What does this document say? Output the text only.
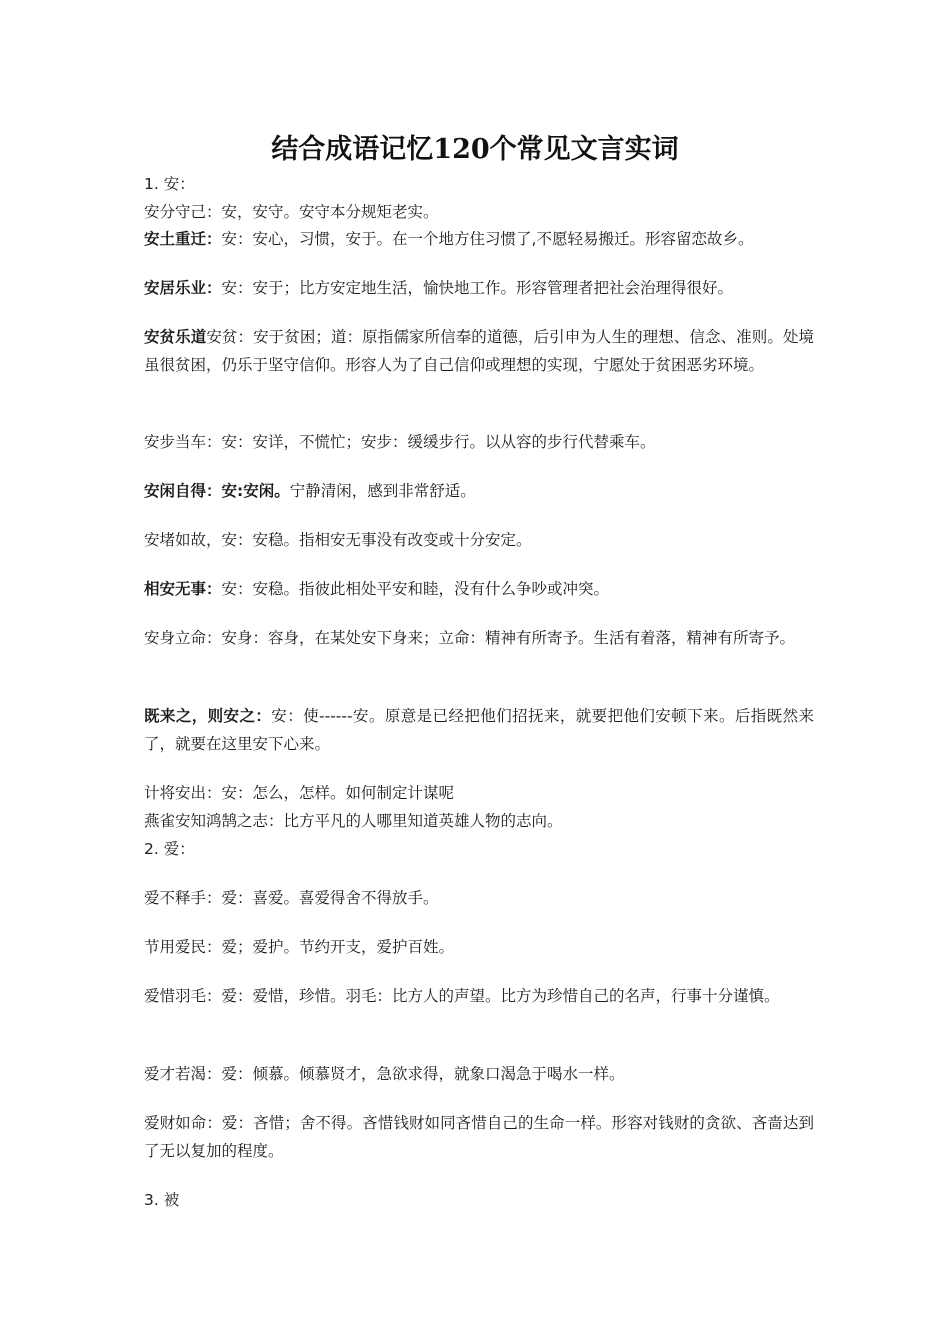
结合成语记忆120个常见文言实词

1. 安：

安分守己：安，安守。安守本分规矩老实。

安土重迁：安：安心，习惯，安于。在一个地方住习惯了,不愿轻易搬迁。形容留恋故乡。

安居乐业：安：安于；比方安定地生活，愉快地工作。形容管理者把社会治理得很好。

安贫乐道安贫：安于贫困；道：原指儒家所信奉的道德，后引申为人生的理想、信念、准则。处境虽很贫困，仍乐于坚守信仰。形容人为了自己信仰或理想的实现，宁愿处于贫困恶劣环境。

安步当车：安：安详，不慌忙；安步：缓缓步行。以从容的步行代替乘车。

安闲自得：安:安闲。宁静清闲，感到非常舒适。

安堵如故，安：安稳。指相安无事没有改变或十分安定。

相安无事：安：安稳。指彼此相处平安和睦，没有什么争吵或冲突。

安身立命：安身：容身，在某处安下身来；立命：精神有所寄予。生活有着落，精神有所寄予。

既来之，则安之：安：使------安。原意是已经把他们招抚来，就要把他们安顿下来。后指既然来了，就要在这里安下心来。

计将安出：安：怎么，怎样。如何制定计谋呢

燕雀安知鸿鹄之志：比方平凡的人哪里知道英雄人物的志向。

2. 爱：

爱不释手：爱：喜爱。喜爱得舍不得放手。

节用爱民：爱；爱护。节约开支，爱护百姓。

爱惜羽毛：爱：爱惜，珍惜。羽毛：比方人的声望。比方为珍惜自己的名声，行事十分谨慎。

爱才若渴：爱：倾慕。倾慕贤才，急欲求得，就象口渴急于喝水一样。

爱财如命：爱：吝惜；舍不得。吝惜钱财如同吝惜自己的生命一样。形容对钱财的贪欲、吝啬达到了无以复加的程度。

3. 被
